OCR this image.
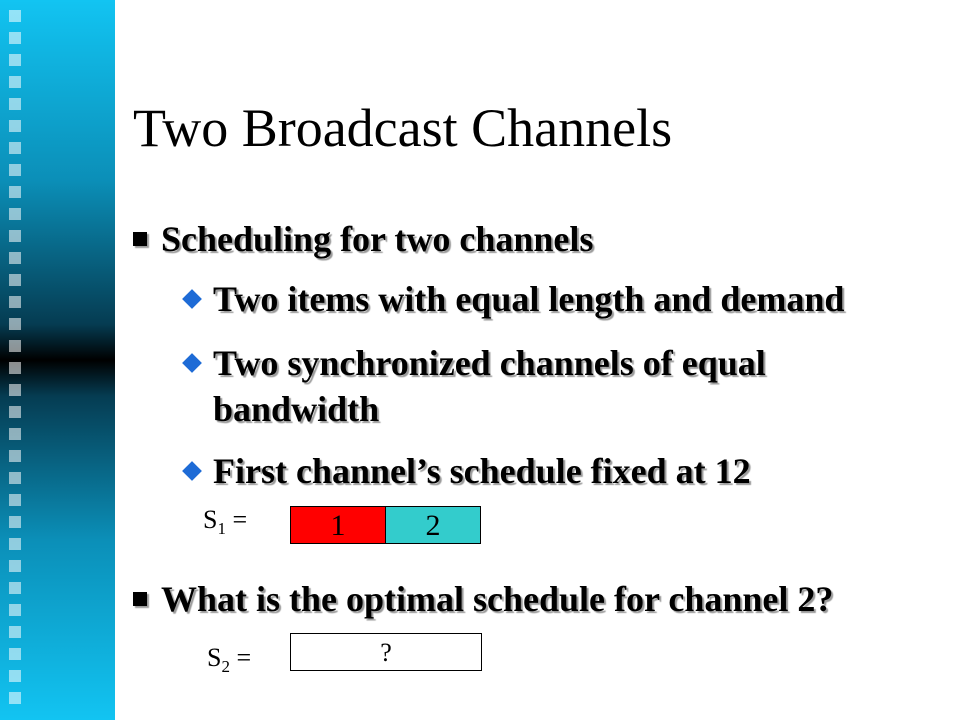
Two Broadcast Channels
Scheduling for two channels
Two items with equal length and demand
Two synchronized channels of equal
bandwidth
First channel’s schedule fixed at 12
$S_1$ =	1	2
What is the optimal schedule for channel 2?
$S_2$ =	?
